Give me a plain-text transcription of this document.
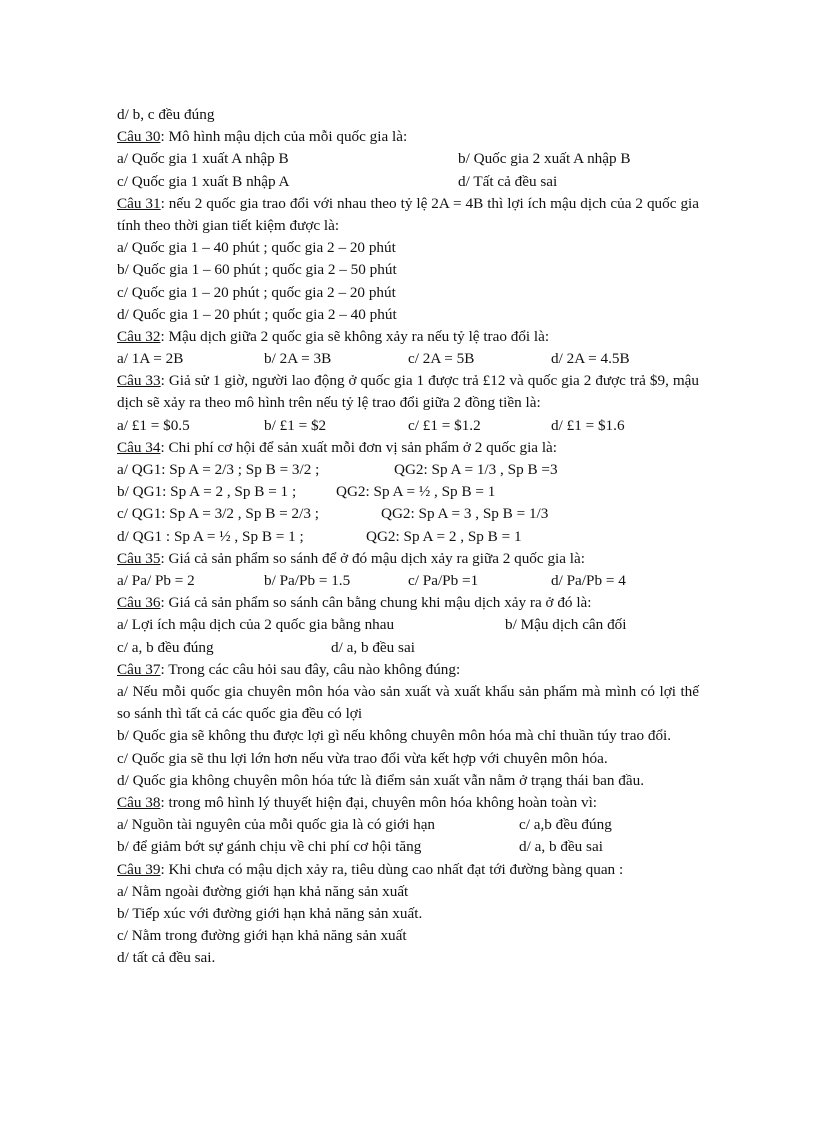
d/ b, c đều đúng
Câu 30: Mô hình mậu dịch của mỗi quốc gia là:
a/ Quốc gia 1 xuất A nhập B	b/ Quốc gia 2 xuất A nhập B
c/ Quốc gia 1 xuất B nhập A	d/ Tất cả đều sai
Câu 31: nếu 2 quốc gia trao đổi với nhau theo tỷ lệ 2A = 4B thì lợi ích mậu dịch của 2 quốc gia tính theo thời gian tiết kiệm được là:
a/ Quốc gia 1 – 40 phút ; quốc gia 2 – 20 phút
b/ Quốc gia 1 – 60 phút ; quốc gia 2 – 50 phút
c/ Quốc gia 1 – 20 phút ; quốc gia 2 – 20 phút
d/ Quốc gia 1 – 20 phút ; quốc gia 2 – 40 phút
Câu 32: Mậu dịch giữa 2 quốc gia sẽ không xảy ra nếu tỷ lệ trao đổi là:
a/ 1A = 2B	b/ 2A = 3B	c/ 2A = 5B	d/ 2A = 4.5B
Câu 33: Giả sử 1 giờ, người lao động ở quốc gia 1 được trả £12 và quốc gia 2 được trả $9, mậu dịch sẽ xảy ra theo mô hình trên nếu tỷ lệ trao đổi giữa 2 đồng tiền là:
a/ £1 = $0.5	b/ £1 = $2	c/ £1 = $1.2	d/ £1 = $1.6
Câu 34: Chi phí cơ hội để sản xuất mỗi đơn vị sản phẩm ở 2 quốc gia là:
a/ QG1: Sp A = 2/3 ; Sp B = 3/2 ;	QG2: Sp A = 1/3 , Sp B =3
b/ QG1: Sp A = 2 , Sp B = 1 ;	QG2: Sp A = ½ , Sp B = 1
c/ QG1: Sp A = 3/2 , Sp B = 2/3 ;	QG2: Sp A = 3 , Sp B = 1/3
d/ QG1 : Sp A = ½ , Sp B = 1 ;	QG2: Sp A = 2 , Sp B = 1
Câu 35: Giá cả sản phẩm so sánh để ở đó mậu dịch xảy ra giữa 2 quốc gia là:
a/ Pa/ Pb = 2	b/ Pa/Pb = 1.5	c/ Pa/Pb =1	d/ Pa/Pb = 4
Câu 36: Giá cả sản phẩm so sánh cân bằng chung khi mậu dịch xảy ra ở đó là:
a/ Lợi ích mậu dịch của 2 quốc gia bằng nhau	b/ Mậu dịch cân đối
c/ a, b đều đúng	d/ a, b đều sai
Câu 37: Trong các câu hỏi sau đây, câu nào không đúng:
a/ Nếu mỗi quốc gia chuyên môn hóa vào sản xuất và xuất khẩu sản phẩm mà mình có lợi thế so sánh thì tất cả các quốc gia đều có lợi
b/ Quốc gia sẽ không thu được lợi gì nếu không chuyên môn hóa mà chỉ thuần túy trao đổi.
c/ Quốc gia sẽ thu lợi lớn hơn nếu vừa trao đổi vừa kết hợp với chuyên môn hóa.
d/ Quốc gia không chuyên môn hóa tức là điểm sản xuất vẫn nằm ở trạng thái ban đầu.
Câu 38: trong mô hình lý thuyết hiện đại, chuyên môn hóa không hoàn toàn vì:
a/ Nguồn tài nguyên của mỗi quốc gia là có giới hạn	c/ a,b đều đúng
b/ để giảm bớt sự gánh chịu về chi phí cơ hội tăng	d/ a, b đều sai
Câu 39: Khi chưa có mậu dịch xảy ra, tiêu dùng cao nhất đạt tới đường bàng quan :
a/ Nằm ngoài đường giới hạn khả năng sản xuất
b/ Tiếp xúc với đường giới hạn khả năng sản xuất.
c/ Nằm trong đường giới hạn khả năng sản xuất
d/ tất cả đều sai.
